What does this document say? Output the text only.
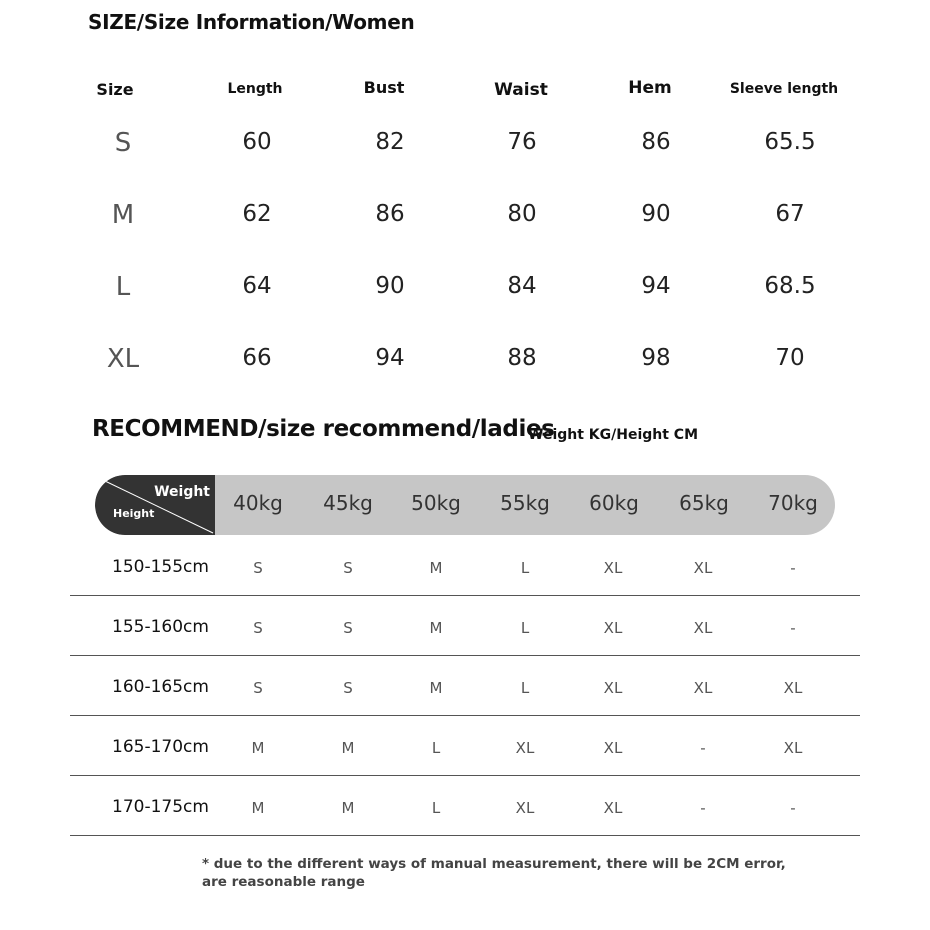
SIZE/Size Information/Women
Size	Length	Bust	Waist	Hem	Sleeve length
S	60	82	76	86	65.5
M	62	86	80	90	67
L	64	90	84	94	68.5
XL	66	94	88	98	70
RECOMMEND/size recommend/ladies
Weight KG/Height CM
Weight
Height	40kg 45kg 50kg 55kg 60kg 65kg 70kg
150-155cm	S	S	M	L	XL	XL	-
155-160cm	S	S	M	L	XL	XL	-
160-165cm	S	S	M	L	XL	XL	XL
165-170cm	M	M	L	XL	XL	-	XL
170-175cm	M	M	L	XL	XL	-	-
* due to the different ways of manual measurement, there will be 2CM error,
are reasonable range
